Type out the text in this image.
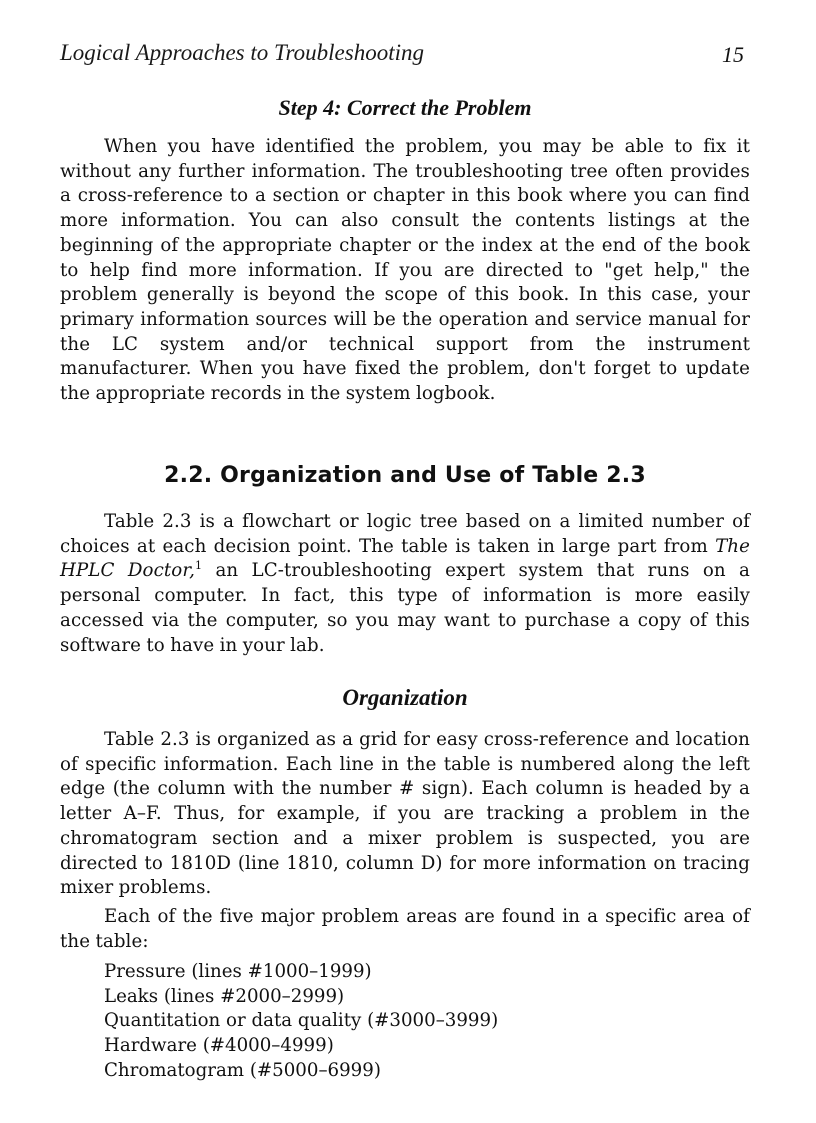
Logical Approaches to Troubleshooting	15
Step 4: Correct the Problem

When you have identified the problem, you may be able to fix it without any further information. The troubleshooting tree often provides a cross-reference to a section or chapter in this book where you can find more information. You can also consult the contents listings at the beginning of the appropriate chapter or the index at the end of the book to help find more information. If you are directed to "get help," the problem generally is beyond the scope of this book. In this case, your primary information sources will be the operation and service manual for the LC system and/or technical support from the instrument manufacturer. When you have fixed the problem, don't forget to update the appropriate records in the system logbook.

2.2. Organization and Use of Table 2.3

Table 2.3 is a flowchart or logic tree based on a limited number of choices at each decision point. The table is taken in large part from The HPLC Doctor,$^1$ an LC-troubleshooting expert system that runs on a personal computer. In fact, this type of information is more easily accessed via the computer, so you may want to purchase a copy of this software to have in your lab.

Organization

Table 2.3 is organized as a grid for easy cross-reference and location of specific information. Each line in the table is numbered along the left edge (the column with the number # sign). Each column is headed by a letter A–F. Thus, for example, if you are tracking a problem in the chromatogram section and a mixer problem is suspected, you are directed to 1810D (line 1810, column D) for more information on tracing mixer problems.

Each of the five major problem areas are found in a specific area of the table:

Pressure (lines #1000–1999)
Leaks (lines #2000–2999)
Quantitation or data quality (#3000–3999)
Hardware (#4000–4999)
Chromatogram (#5000–6999)
